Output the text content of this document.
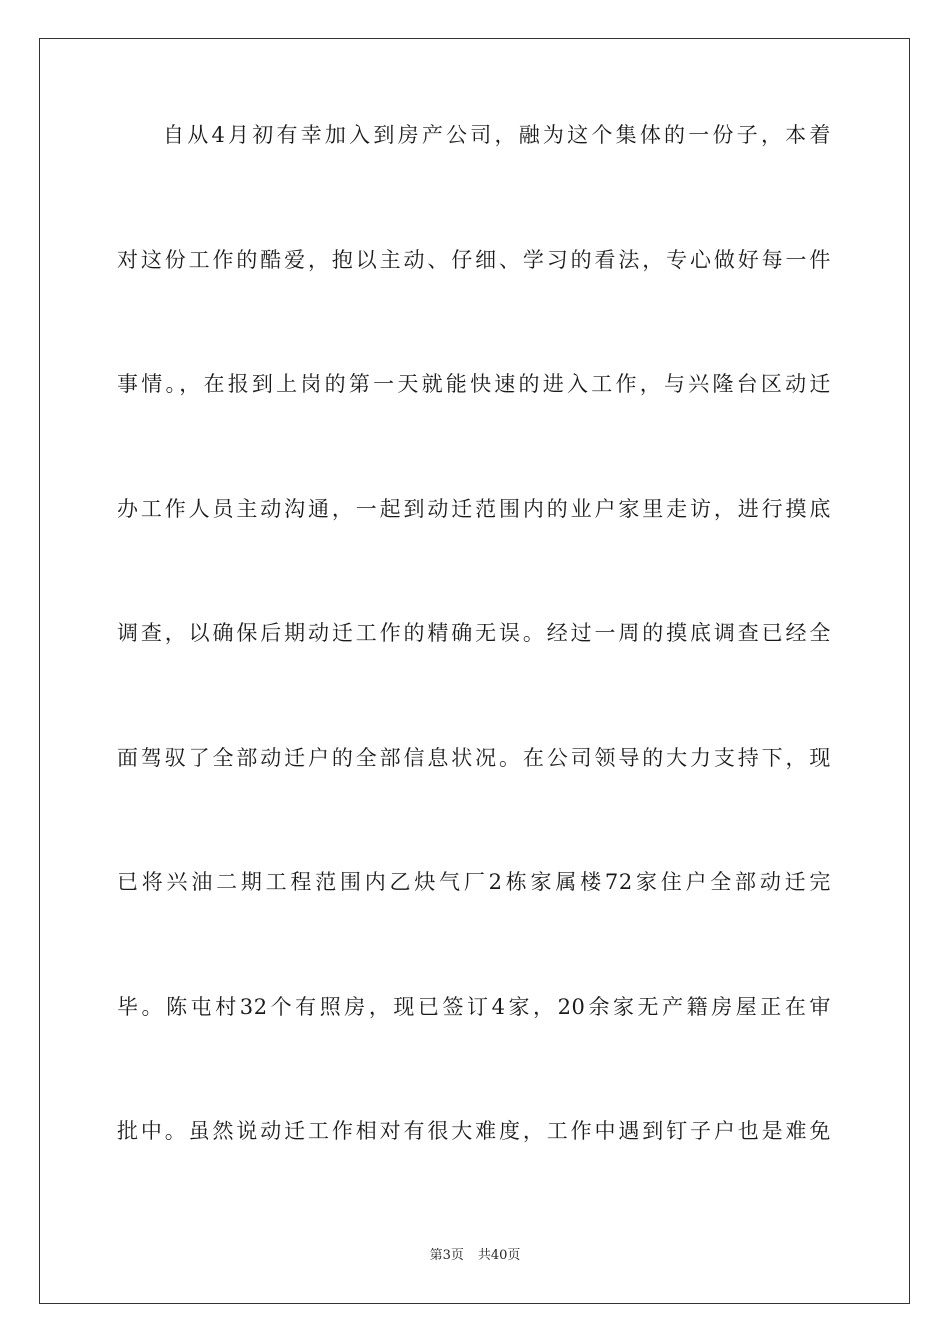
自从4月初有幸加入到房产公司，融为这个集体的一份子，本着
对这份工作的酷爱，抱以主动、仔细、学习的看法，专心做好每一件
事情。，在报到上岗的第一天就能快速的进入工作，与兴隆台区动迁
办工作人员主动沟通，一起到动迁范围内的业户家里走访，进行摸底
调查，以确保后期动迁工作的精确无误。经过一周的摸底调查已经全
面驾驭了全部动迁户的全部信息状况。在公司领导的大力支持下，现
已将兴油二期工程范围内乙炔气厂2栋家属楼72家住户全部动迁完
毕。陈屯村32个有照房，现已签订4家，20余家无产籍房屋正在审
批中。虽然说动迁工作相对有很大难度，工作中遇到钉子户也是难免
第3页 共40页
